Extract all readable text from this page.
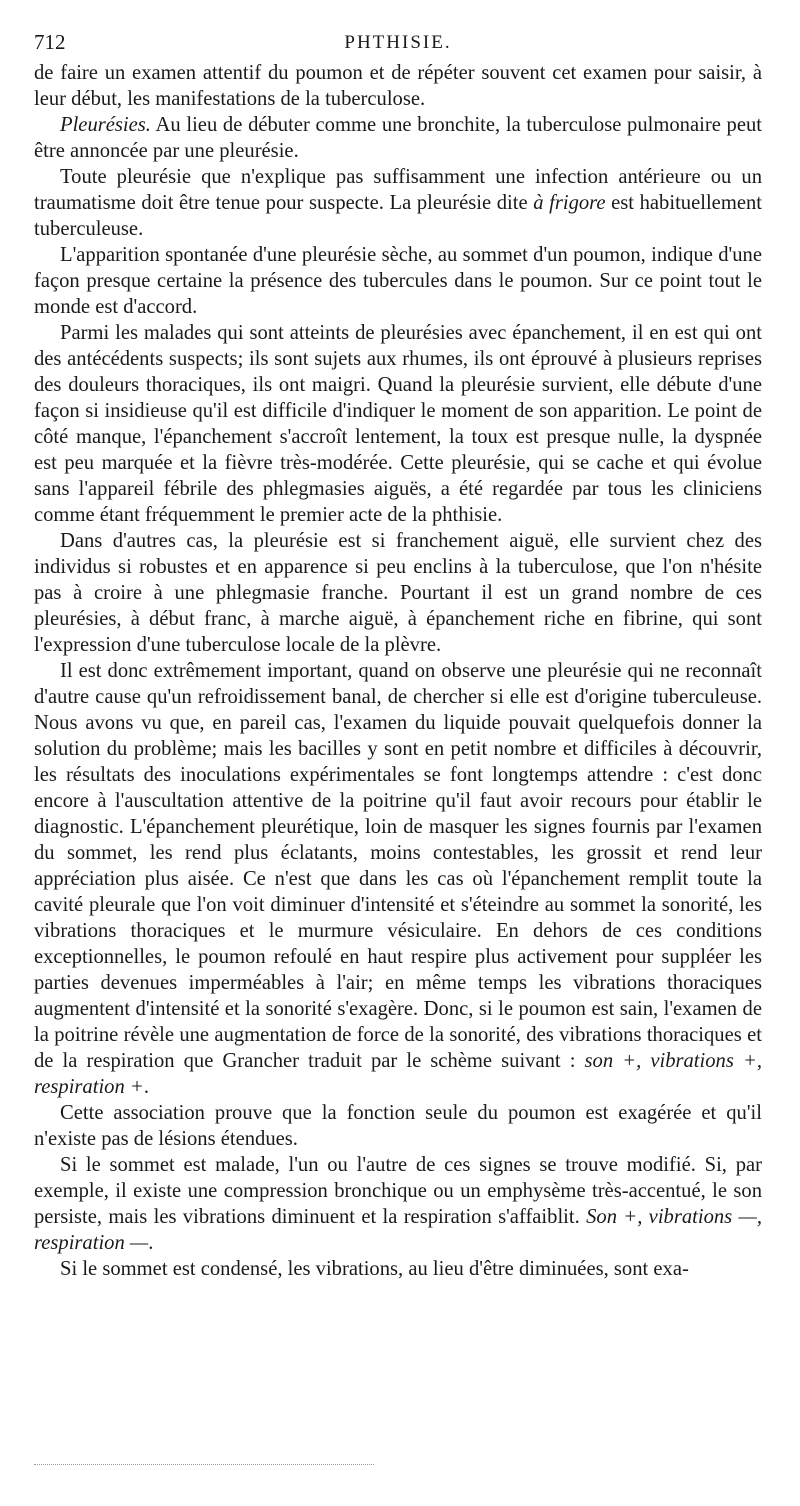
712	PHTHISIE.

de faire un examen attentif du poumon et de répéter souvent cet examen pour saisir, à leur début, les manifestations de la tuberculose.

Pleurésies. Au lieu de débuter comme une bronchite, la tuberculose pulmonaire peut être annoncée par une pleurésie.

Toute pleurésie que n'explique pas suffisamment une infection antérieure ou un traumatisme doit être tenue pour suspecte. La pleurésie dite à frigore est habituellement tuberculeuse.

L'apparition spontanée d'une pleurésie sèche, au sommet d'un poumon, indique d'une façon presque certaine la présence des tubercules dans le poumon. Sur ce point tout le monde est d'accord.

Parmi les malades qui sont atteints de pleurésies avec épanchement, il en est qui ont des antécédents suspects; ils sont sujets aux rhumes, ils ont éprouvé à plusieurs reprises des douleurs thoraciques, ils ont maigri. Quand la pleurésie survient, elle débute d'une façon si insidieuse qu'il est difficile d'indiquer le moment de son apparition. Le point de côté manque, l'épanchement s'accroît lentement, la toux est presque nulle, la dyspnée est peu marquée et la fièvre très-modérée. Cette pleurésie, qui se cache et qui évolue sans l'appareil fébrile des phlegmasies aiguës, a été regardée par tous les cliniciens comme étant fréquemment le premier acte de la phthisie.

Dans d'autres cas, la pleurésie est si franchement aiguë, elle survient chez des individus si robustes et en apparence si peu enclins à la tuberculose, que l'on n'hésite pas à croire à une phlegmasie franche. Pourtant il est un grand nombre de ces pleurésies, à début franc, à marche aiguë, à épanchement riche en fibrine, qui sont l'expression d'une tuberculose locale de la plèvre.

Il est donc extrêmement important, quand on observe une pleurésie qui ne reconnaît d'autre cause qu'un refroidissement banal, de chercher si elle est d'origine tuberculeuse. Nous avons vu que, en pareil cas, l'examen du liquide pouvait quelquefois donner la solution du problème; mais les bacilles y sont en petit nombre et difficiles à découvrir, les résultats des inoculations expérimentales se font longtemps attendre : c'est donc encore à l'auscultation attentive de la poitrine qu'il faut avoir recours pour établir le diagnostic. L'épanchement pleurétique, loin de masquer les signes fournis par l'examen du sommet, les rend plus éclatants, moins contestables, les grossit et rend leur appréciation plus aisée. Ce n'est que dans les cas où l'épanchement remplit toute la cavité pleurale que l'on voit diminuer d'intensité et s'éteindre au sommet la sonorité, les vibrations thoraciques et le murmure vésiculaire. En dehors de ces conditions exceptionnelles, le poumon refoulé en haut respire plus activement pour suppléer les parties devenues imperméables à l'air; en même temps les vibrations thoraciques augmentent d'intensité et la sonorité s'exagère. Donc, si le poumon est sain, l'examen de la poitrine révèle une augmentation de force de la sonorité, des vibrations thoraciques et de la respiration que Grancher traduit par le schème suivant : son +, vibrations +, respiration +.

Cette association prouve que la fonction seule du poumon est exagérée et qu'il n'existe pas de lésions étendues.

Si le sommet est malade, l'un ou l'autre de ces signes se trouve modifié. Si, par exemple, il existe une compression bronchique ou un emphysème très-accentué, le son persiste, mais les vibrations diminuent et la respiration s'affaiblit. Son +, vibrations —, respiration —.

Si le sommet est condensé, les vibrations, au lieu d'être diminuées, sont exa-
